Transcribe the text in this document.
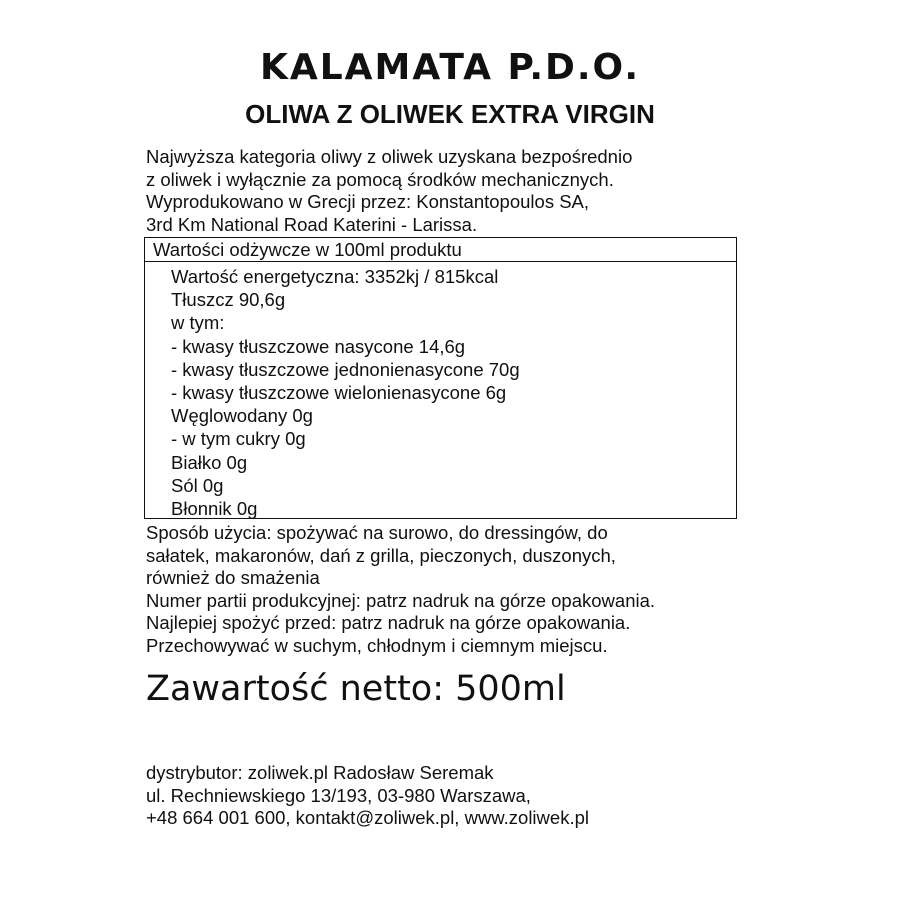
KALAMATA P.D.O.
OLIWA Z OLIWEK EXTRA VIRGIN
Najwyższa kategoria oliwy z oliwek uzyskana bezpośrednio
z oliwek i wyłącznie za pomocą środków mechanicznych.
Wyprodukowano w Grecji przez: Konstantopoulos SA,
3rd Km National Road Katerini - Larissa.
Wartości odżywcze w 100ml produktu
Wartość energetyczna: 3352kj / 815kcal
Tłuszcz 90,6g
w tym:
- kwasy tłuszczowe nasycone 14,6g
- kwasy tłuszczowe jednonienasycone 70g
- kwasy tłuszczowe wielonienasycone 6g
Węglowodany 0g
- w tym cukry 0g
Białko 0g
Sól 0g
Błonnik 0g
Sposób użycia: spożywać na surowo, do dressingów, do
sałatek, makaronów, dań z grilla, pieczonych, duszonych,
również do smażenia
Numer partii produkcyjnej: patrz nadruk na górze opakowania.
Najlepiej spożyć przed: patrz nadruk na górze opakowania.
Przechowywać w suchym, chłodnym i ciemnym miejscu.
Zawartość netto: 500ml
dystrybutor: zoliwek.pl Radosław Seremak
ul. Rechniewskiego 13/193, 03-980 Warszawa,
+48 664 001 600, kontakt@zoliwek.pl, www.zoliwek.pl
